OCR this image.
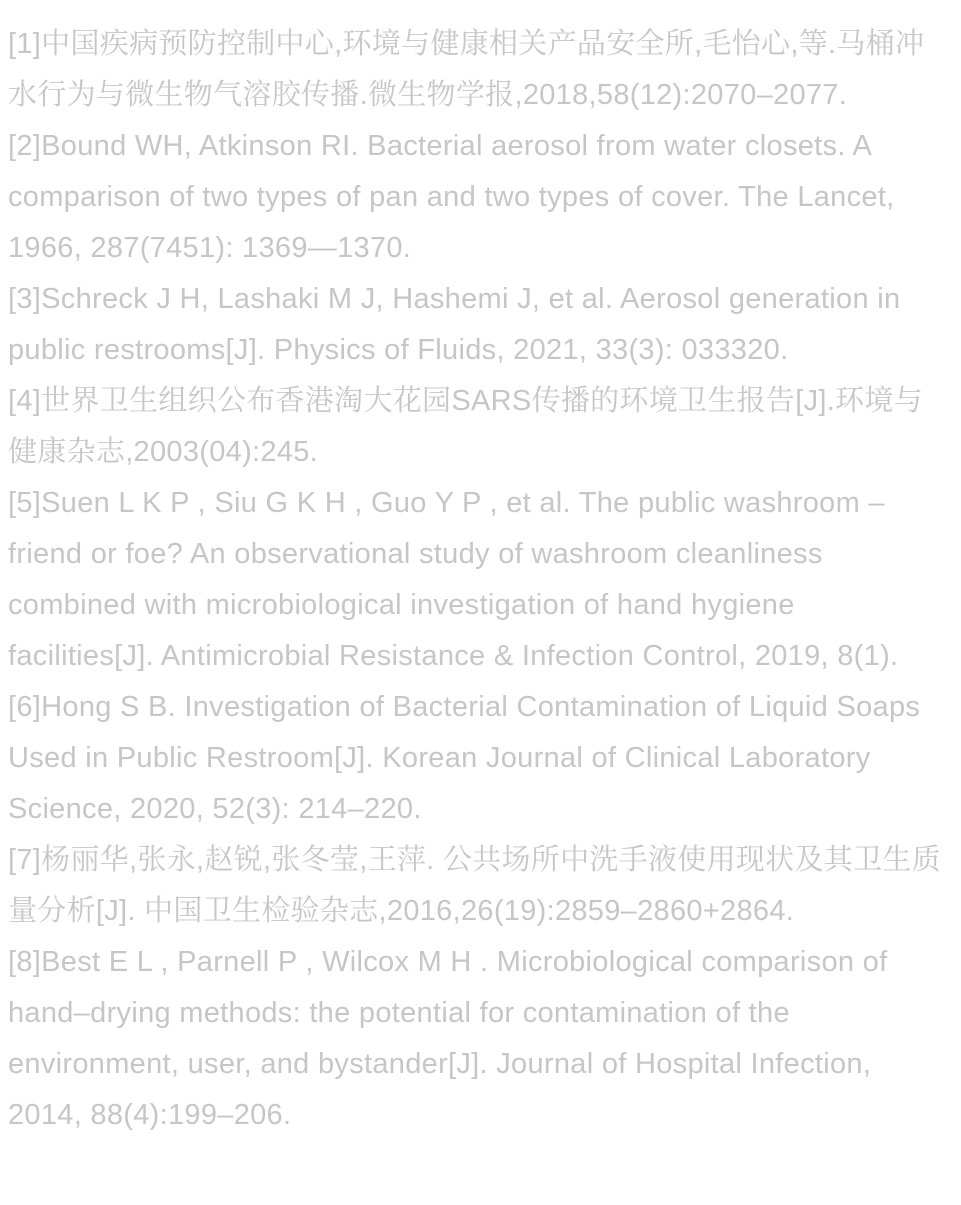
[1]中国疾病预防控制中心,环境与健康相关产品安全所,毛怡心,等.马桶冲水行为与微生物气溶胶传播.微生物学报,2018,58(12):2070–2077.

[2]Bound WH, Atkinson RI. Bacterial aerosol from water closets. A comparison of two types of pan and two types of cover. The Lancet, 1966, 287(7451): 1369—1370.

[3]Schreck J H, Lashaki M J, Hashemi J, et al. Aerosol generation in public restrooms[J]. Physics of Fluids, 2021, 33(3): 033320.

[4]世界卫生组织公布香港淘大花园SARS传播的环境卫生报告[J].环境与健康杂志,2003(04):245.

[5]Suen L K P , Siu G K H , Guo Y P , et al. The public washroom – friend or foe? An observational study of washroom cleanliness combined with microbiological investigation of hand hygiene facilities[J]. Antimicrobial Resistance & Infection Control, 2019, 8(1).

[6]Hong S B. Investigation of Bacterial Contamination of Liquid Soaps Used in Public Restroom[J]. Korean Journal of Clinical Laboratory Science, 2020, 52(3): 214–220.

[7]杨丽华,张永,赵锐,张冬莹,王萍. 公共场所中洗手液使用现状及其卫生质量分析[J]. 中国卫生检验杂志,2016,26(19):2859–2860+2864.

[8]Best E L , Parnell P , Wilcox M H . Microbiological comparison of hand–drying methods: the potential for contamination of the environment, user, and bystander[J]. Journal of Hospital Infection, 2014, 88(4):199–206.
